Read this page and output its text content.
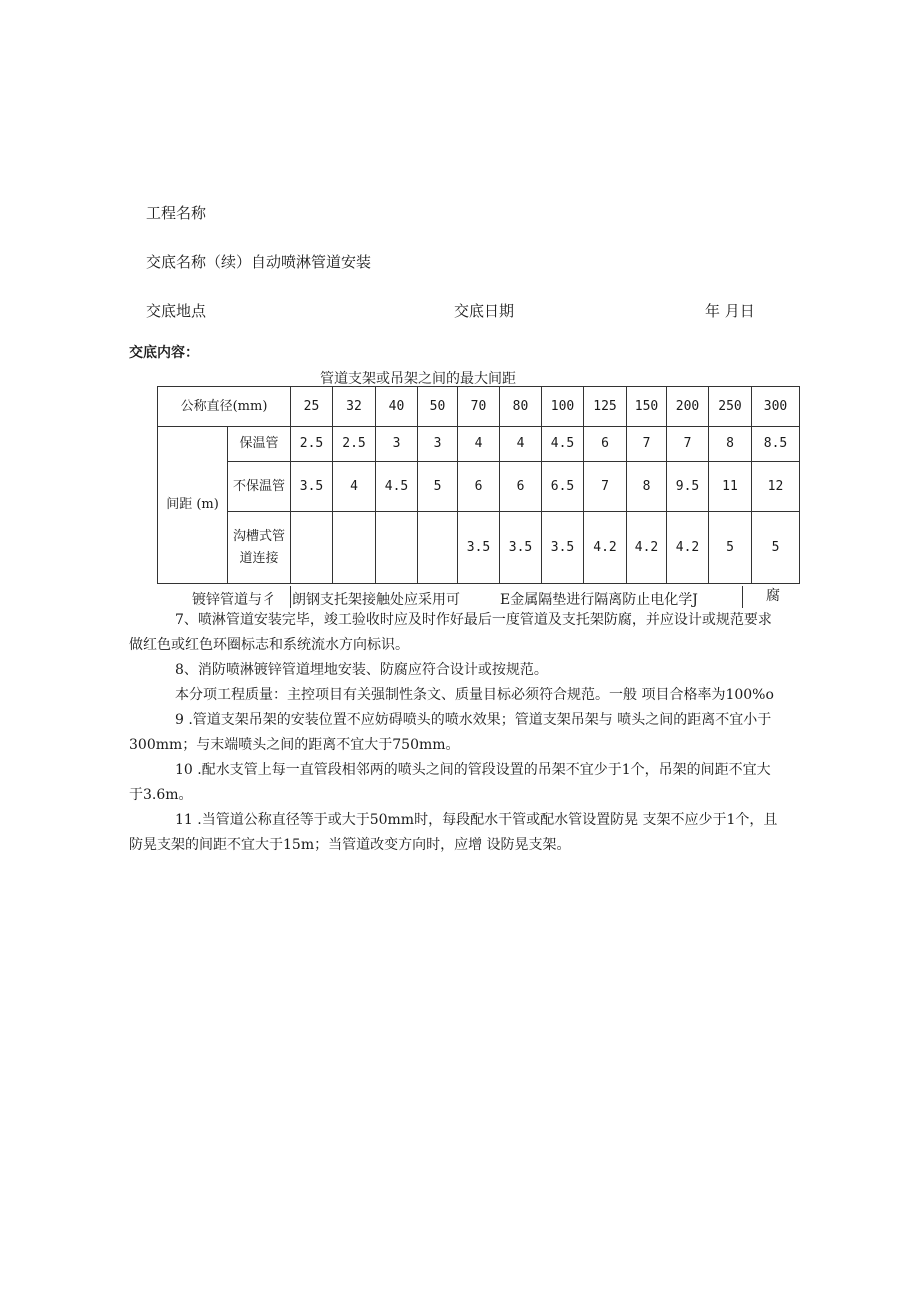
工程名称
交底名称（续）自动喷淋管道安装
交底地点	交底日期	年 月日
交底内容：
管道支架或吊架之间的最大间距
公称直径(mm)		25	32	40	50	70	80	100	125	150	200	250	300
间距 (m)	保温管	2.5	2.5	3	3	4	4	4.5	6	7	7	8	8.5
	不保温管	3.5	4	4.5	5	6	6	6.5	7	8	9.5	11	12
	沟槽式管道连接					3.5	3.5	3.5	4.2	4.2	4.2	5	5
镀锌管道与彳 朗钢支托架接触处应采用可	E金属隔垫进行隔离防止电化学J	腐
7、喷淋管道安装完毕，竣工验收时应及时作好最后一度管道及支托架防腐，并应设计或规范要求
做红色或红色环圈标志和系统流水方向标识。
8、消防喷淋镀锌管道埋地安装、防腐应符合设计或按规范。
本分项工程质量：主控项目有关强制性条文、质量目标必须符合规范。一般 项目合格率为100%o
9 .管道支架吊架的安装位置不应妨碍喷头的喷水效果；管道支架吊架与 喷头之间的距离不宜小于
300mm；与末端喷头之间的距离不宜大于750mm。
10 .配水支管上每一直管段相邻两的喷头之间的管段设置的吊架不宜少于1个，吊架的间距不宜大
于3.6m。
11 .当管道公称直径等于或大于50mm时，每段配水干管或配水管设置防晃 支架不应少于1个，且
防晃支架的间距不宜大于15m；当管道改变方向时，应增 设防晃支架。
